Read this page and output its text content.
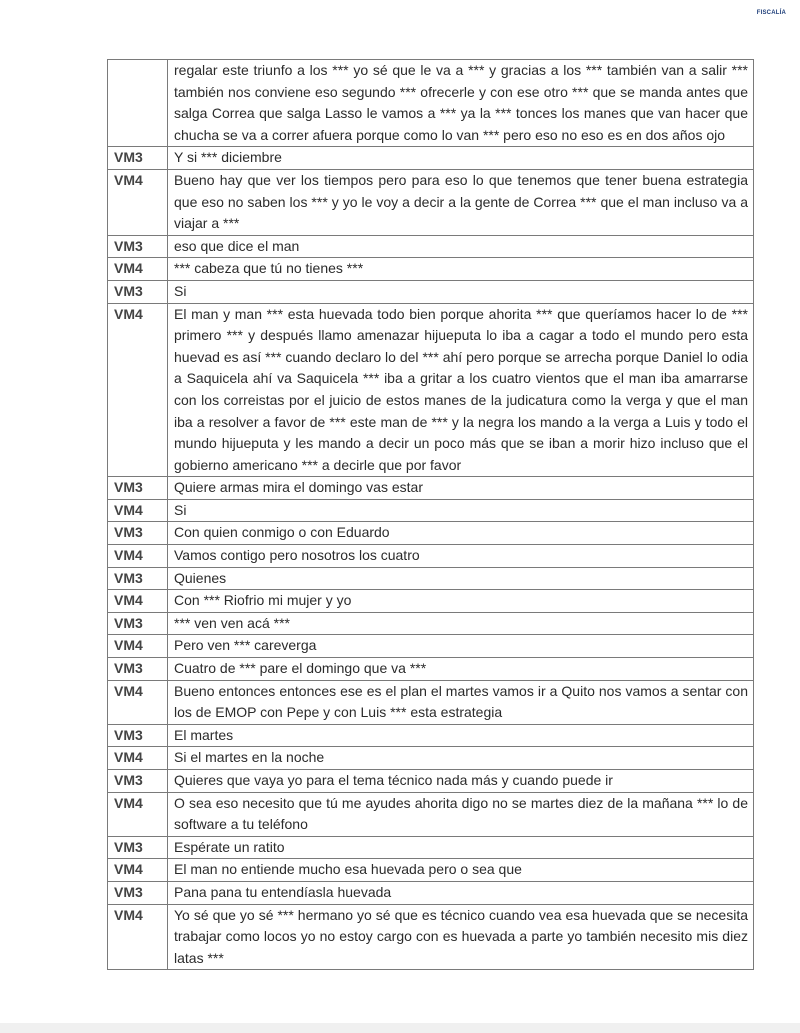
FISCALÍA
	regalar este triunfo a los *** yo sé que le va a *** y gracias a los *** también van a salir *** también nos conviene eso segundo *** ofrecerle y con ese otro *** que se manda antes que salga Correa que salga Lasso le vamos a *** ya la *** tonces los manes que van hacer que chucha se va a correr afuera porque como lo van *** pero eso no eso es en dos años ojo
VM3	Y si *** diciembre
VM4	Bueno hay que ver los tiempos pero para eso lo que tenemos que tener buena estrategia que eso no saben los *** y yo le voy a decir a la gente de Correa *** que el man incluso va a viajar a ***
VM3	eso que dice el man
VM4	*** cabeza que tú no tienes ***
VM3	Si
VM4	El man y man *** esta huevada todo bien porque ahorita *** que queríamos hacer lo de *** primero *** y después llamo amenazar hijueputa lo iba a cagar a todo el mundo pero esta huevad es así *** cuando declaro lo del *** ahí pero porque se arrecha porque Daniel lo odia a Saquicela ahí va Saquicela *** iba a gritar a los cuatro vientos que el man iba amarrarse con los correistas por el juicio de estos manes de la judicatura como la verga y que el man iba a resolver a favor de *** este man de *** y la negra los mando a la verga a Luis y todo el mundo hijueputa y les mando a decir un poco más que se iban a morir hizo incluso que el gobierno americano *** a decirle que por favor
VM3	Quiere armas mira el domingo vas estar
VM4	Si
VM3	Con quien conmigo o con Eduardo
VM4	Vamos contigo pero nosotros los cuatro
VM3	Quienes
VM4	Con *** Riofrio mi mujer y yo
VM3	*** ven ven acá ***
VM4	Pero ven *** careverga
VM3	Cuatro de *** pare el domingo que va ***
VM4	Bueno entonces entonces ese es el plan el martes vamos ir a Quito nos vamos a sentar con los de EMOP con Pepe y con Luis *** esta estrategia
VM3	El martes
VM4	Si el martes en la noche
VM3	Quieres que vaya yo para el tema técnico nada más y cuando puede ir
VM4	O sea eso necesito que tú me ayudes ahorita digo no se martes diez de la mañana *** lo de software a tu teléfono
VM3	Espérate un ratito
VM4	El man no entiende mucho esa huevada pero o sea que
VM3	Pana pana tu entendíasla huevada
VM4	Yo sé que yo sé *** hermano yo sé que es técnico cuando vea esa huevada que se necesita trabajar como locos yo no estoy cargo con es huevada a parte yo también necesito mis diez latas ***
